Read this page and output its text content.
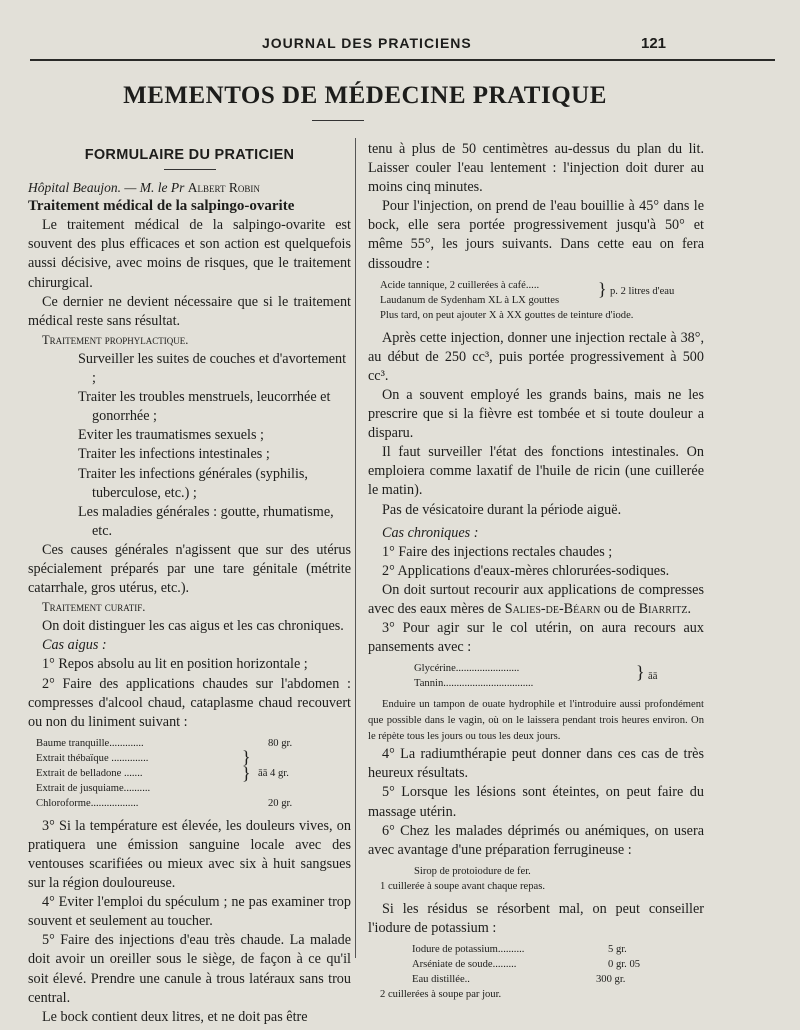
JOURNAL DES PRATICIENS	121
MEMENTOS DE MÉDECINE PRATIQUE
FORMULAIRE DU PRATICIEN

Hôpital Beaujon. — M. le Pr Albert Robin

Traitement médical de la salpingo-ovarite

Le traitement médical de la salpingo-ovarite est souvent des plus efficaces et son action est quelquefois aussi décisive, avec moins de risques, que le traitement chirurgical.

Ce dernier ne devient nécessaire que si le traitement médical reste sans résultat.

Traitement prophylactique.

Surveiller les suites de couches et d'avortement ;
Traiter les troubles menstruels, leucorrhée et gonorrhée ;
Eviter les traumatismes sexuels ;
Traiter les infections intestinales ;
Traiter les infections générales (syphilis, tuberculose, etc.) ;
Les maladies générales : goutte, rhumatisme, etc.

Ces causes générales n'agissent que sur des utérus spécialement préparés par une tare génitale (métrite catarrhale, gros utérus, etc.).

Traitement curatif.

On doit distinguer les cas aigus et les cas chroniques.

Cas aigus :

1° Repos absolu au lit en position horizontale ;

2° Faire des applications chaudes sur l'abdomen : compresses d'alcool chaud, cataplasme chaud recouvert ou non du liniment suivant :

Baume tranquille.............	80 gr.
Extrait thébaïque ..............
Extrait de belladone .......	āā 4 gr.
Extrait de jusquiame..........
Chloroforme..................	20 gr.
}
}

3° Si la température est élevée, les douleurs vives, on pratiquera une émission sanguine locale avec des ventouses scarifiées ou mieux avec six à huit sangsues sur la région douloureuse.

4° Eviter l'emploi du spéculum ; ne pas examiner trop souvent et seulement au toucher.

5° Faire des injections d'eau très chaude. La malade doit avoir un oreiller sous le siège, de façon à ce qu'il soit élevé. Prendre une canule à trous latéraux sans trou central.

Le bock contient deux litres, et ne doit pas être

tenu à plus de 50 centimètres au-dessus du plan du lit. Laisser couler l'eau lentement : l'injection doit durer au moins cinq minutes.

Pour l'injection, on prend de l'eau bouillie à 45° dans le bock, elle sera portée progressivement jusqu'à 50° et même 55°, les jours suivants. Dans cette eau on fera dissoudre :

Acide tannique, 2 cuillerées à café.....
Laudanum de Sydenham XL à LX gouttes
} p. 2 litres d'eau
Plus tard, on peut ajouter X à XX gouttes de teinture d'iode.

Après cette injection, donner une injection rectale à 38°, au début de 250 cc³, puis portée progressivement à 500 cc³.

On a souvent employé les grands bains, mais ne les prescrire que si la fièvre est tombée et si toute douleur a disparu.

Il faut surveiller l'état des fonctions intestinales. On emploiera comme laxatif de l'huile de ricin (une cuillerée le matin).

Pas de vésicatoire durant la période aiguë.

Cas chroniques :

1° Faire des injections rectales chaudes ;

2° Applications d'eaux-mères chlorurées-sodiques.

On doit surtout recourir aux applications de compresses avec des eaux mères de Salies-de-Béarn ou de Biarritz.

3° Pour agir sur le col utérin, on aura recours aux pansements avec :

Glycérine........................
Tannin..................................
} āā

Enduire un tampon de ouate hydrophile et l'introduire aussi profondément que possible dans le vagin, où on le laissera pendant trois heures environ. On le répète tous les jours ou tous les deux jours.

4° La radiumthérapie peut donner dans ces cas de très heureux résultats.

5° Lorsque les lésions sont éteintes, on peut faire du massage utérin.

6° Chez les malades déprimés ou anémiques, on usera avec avantage d'une préparation ferrugineuse :

Sirop de protoiodure de fer.
1 cuillerée à soupe avant chaque repas.

Si les résidus se résorbent mal, on peut conseiller l'iodure de potassium :

Iodure de potassium..........	5 gr.
Arséniate de soude.........	0 gr. 05
Eau distillée..	300 gr.
2 cuillerées à soupe par jour.
